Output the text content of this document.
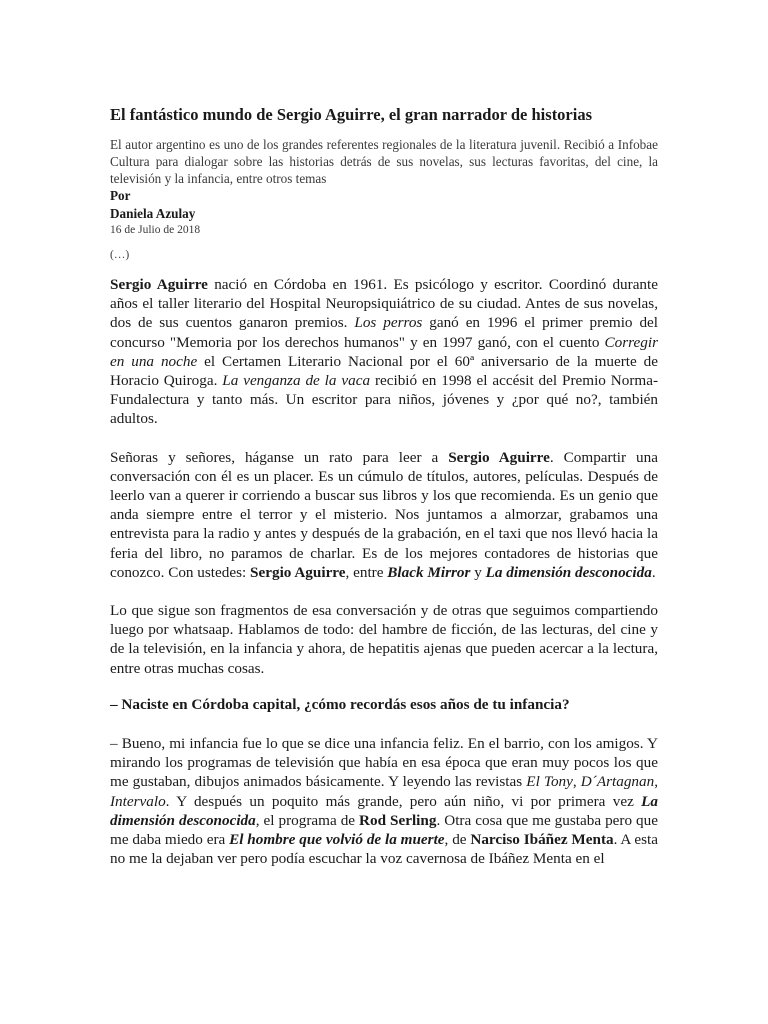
El fantástico mundo de Sergio Aguirre, el gran narrador de historias

El autor argentino es uno de los grandes referentes regionales de la literatura juvenil. Recibió a Infobae Cultura para dialogar sobre las historias detrás de sus novelas, sus lecturas favoritas, del cine, la televisión y la infancia, entre otros temas

Por

Daniela Azulay

16 de Julio de 2018

(…)

Sergio Aguirre nació en Córdoba en 1961. Es psicólogo y escritor. Coordinó durante años el taller literario del Hospital Neuropsiquiátrico de su ciudad. Antes de sus novelas, dos de sus cuentos ganaron premios. Los perros ganó en 1996 el primer premio del concurso "Memoria por los derechos humanos" y en 1997 ganó, con el cuento Corregir en una noche el Certamen Literario Nacional por el 60ª aniversario de la muerte de Horacio Quiroga. La venganza de la vaca recibió en 1998 el accésit del Premio Norma-Fundalectura y tanto más. Un escritor para niños, jóvenes y ¿por qué no?, también adultos.

Señoras y señores, háganse un rato para leer a Sergio Aguirre. Compartir una conversación con él es un placer. Es un cúmulo de títulos, autores, películas. Después de leerlo van a querer ir corriendo a buscar sus libros y los que recomienda. Es un genio que anda siempre entre el terror y el misterio. Nos juntamos a almorzar, grabamos una entrevista para la radio y antes y después de la grabación, en el taxi que nos llevó hacia la feria del libro, no paramos de charlar. Es de los mejores contadores de historias que conozco. Con ustedes: Sergio Aguirre, entre Black Mirror y La dimensión desconocida.

Lo que sigue son fragmentos de esa conversación y de otras que seguimos compartiendo luego por whatsaap. Hablamos de todo: del hambre de ficción, de las lecturas, del cine y de la televisión, en la infancia y ahora, de hepatitis ajenas que pueden acercar a la lectura, entre otras muchas cosas.

– Naciste en Córdoba capital, ¿cómo recordás esos años de tu infancia?

– Bueno, mi infancia fue lo que se dice una infancia feliz. En el barrio, con los amigos. Y mirando los programas de televisión que había en esa época que eran muy pocos los que me gustaban, dibujos animados básicamente. Y leyendo las revistas El Tony, D´Artagnan, Intervalo. Y después un poquito más grande, pero aún niño, vi por primera vez La dimensión desconocida, el programa de Rod Serling. Otra cosa que me gustaba pero que me daba miedo era El hombre que volvió de la muerte, de Narciso Ibáñez Menta. A esta no me la dejaban ver pero podía escuchar la voz cavernosa de Ibáñez Menta en el
